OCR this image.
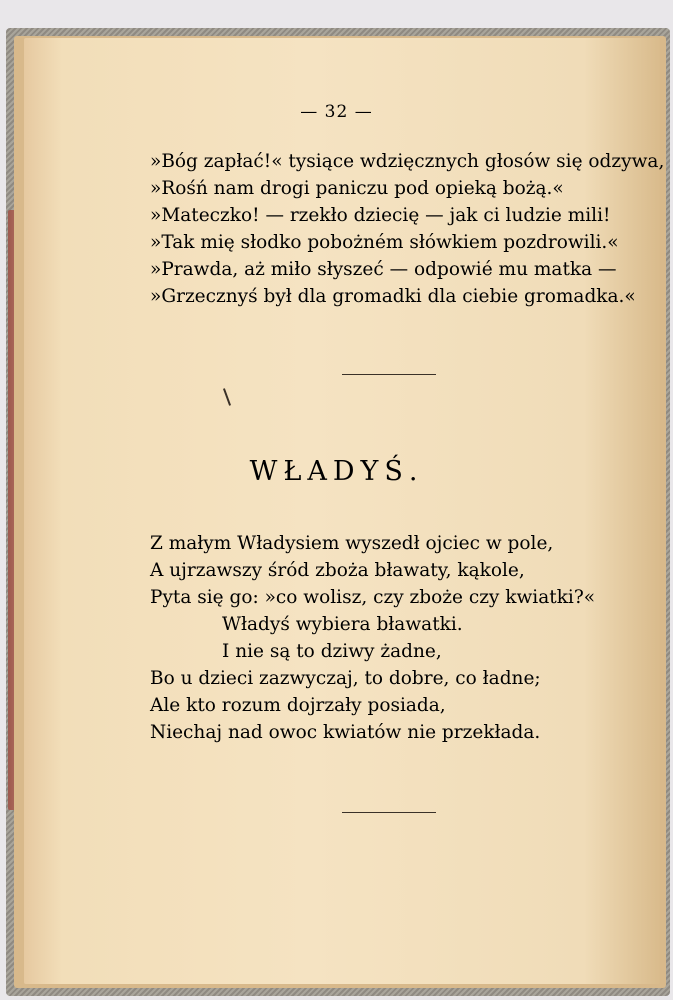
— 32 —
»Bóg zapłać!« tysiące wdzięcznych głosów się odzywa,
»Rośń nam drogi paniczu pod opieką bożą.«
»Mateczko! — rzekło dziecię — jak ci ludzie mili!
»Tak mię słodko pobożném słówkiem pozdrowili.«
»Prawda, aż miło słyszeć — odpowié mu matka —
»Grzecznyś był dla gromadki dla ciebie gromadka.«
WŁADYŚ.
Z małym Władysiem wyszedł ojciec w pole,
A ujrzawszy śród zboża bławaty, kąkole,
Pyta się go: »co wolisz, czy zboże czy kwiatki?«
Władyś wybiera bławatki.
I nie są to dziwy żadne,
Bo u dzieci zazwyczaj, to dobre, co ładne;
Ale kto rozum dojrzały posiada,
Niechaj nad owoc kwiatów nie przekłada.
